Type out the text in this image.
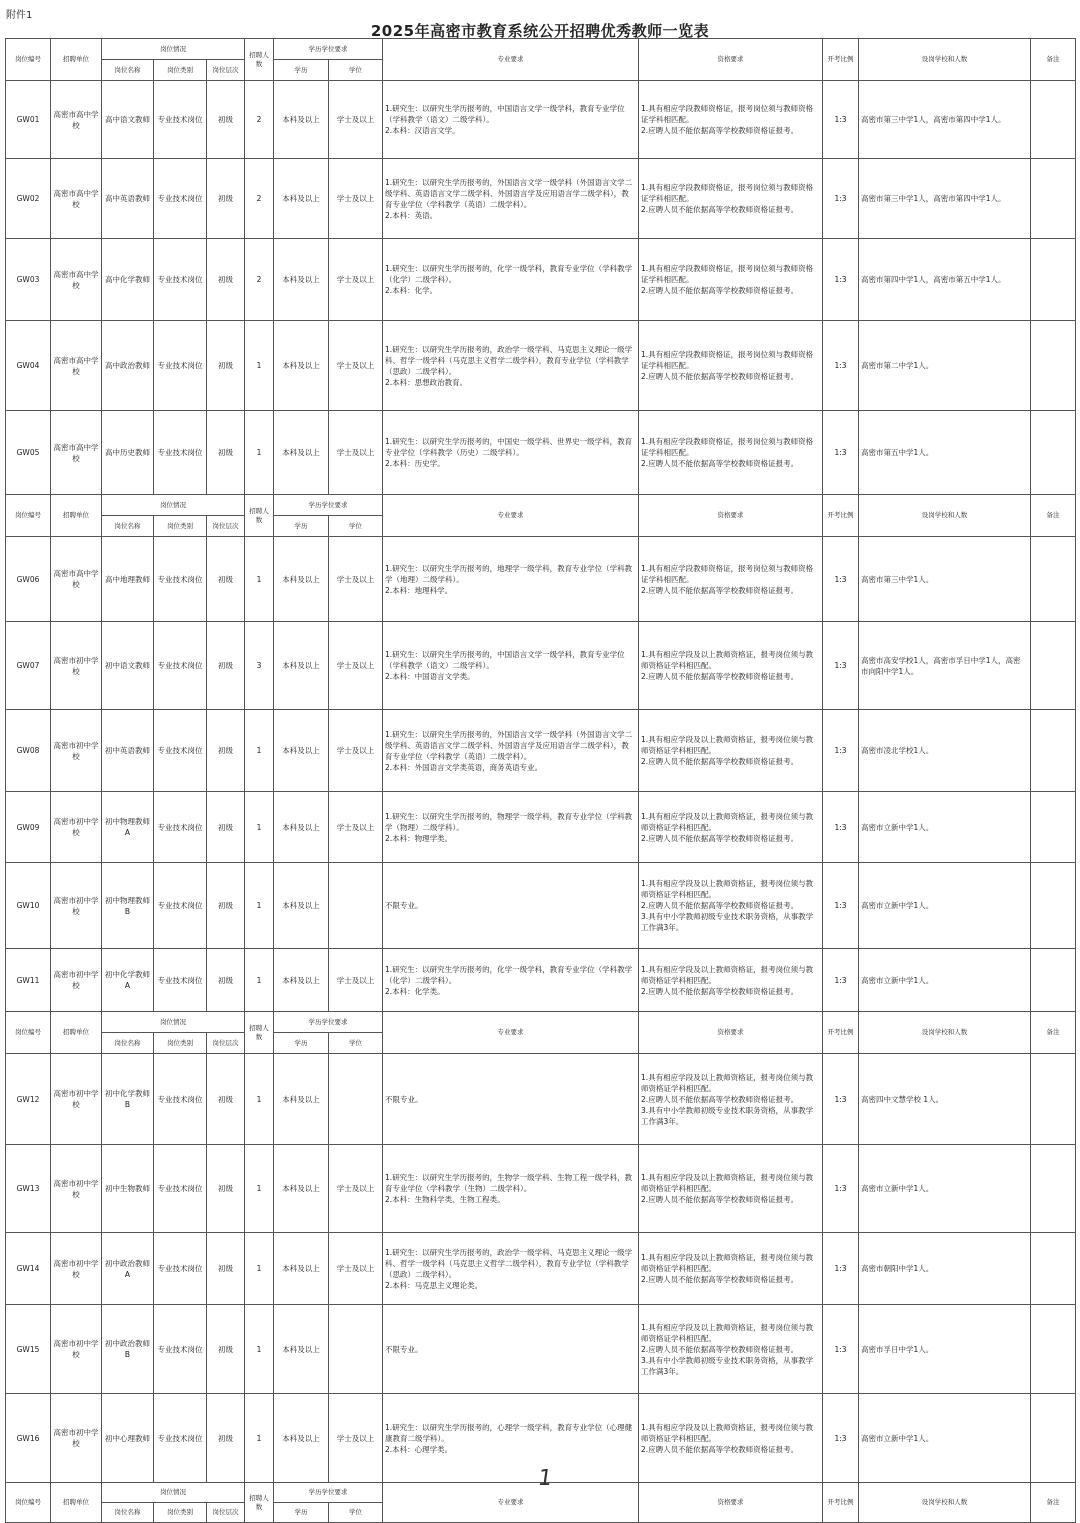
附件1
2025年高密市教育系统公开招聘优秀教师一览表
岗位编号	招聘单位	岗位情况			招聘人数	学历学位要求		专业要求	资格要求	开考比例	设岗学校和人数	备注
		岗位名称	岗位类别	岗位层次		学历	学位					
GW01	高密市高中学校	高中语文教师	专业技术岗位	初级	2	本科及以上	学士及以上	1.研究生：以研究生学历报考的，中国语言文学一级学科，教育专业学位（学科教学（语文）二级学科）。
2.本科：汉语言文学。	1.具有相应学段教师资格证，报考岗位须与教师资格证学科相匹配。
2.应聘人员不能依据高等学校教师资格证报考。	1:3	高密市第三中学1人，高密市第四中学1人。	
GW02	高密市高中学校	高中英语教师	专业技术岗位	初级	2	本科及以上	学士及以上	1.研究生：以研究生学历报考的，外国语言文学一级学科（外国语言文学二级学科、英语语言文学二级学科、外国语言学及应用语言学二级学科），教育专业学位（学科教学（英语）二级学科）。
2.本科：英语。	1.具有相应学段教师资格证，报考岗位须与教师资格证学科相匹配。
2.应聘人员不能依据高等学校教师资格证报考。	1:3	高密市第三中学1人，高密市第四中学1人。	
GW03	高密市高中学校	高中化学教师	专业技术岗位	初级	2	本科及以上	学士及以上	1.研究生：以研究生学历报考的，化学一级学科，教育专业学位（学科教学（化学）二级学科）。
2.本科：化学。	1.具有相应学段教师资格证，报考岗位须与教师资格证学科相匹配。
2.应聘人员不能依据高等学校教师资格证报考。	1:3	高密市第四中学1人，高密市第五中学1人。	
GW04	高密市高中学校	高中政治教师	专业技术岗位	初级	1	本科及以上	学士及以上	1.研究生：以研究生学历报考的，政治学一级学科、马克思主义理论一级学科、哲学一级学科（马克思主义哲学二级学科），教育专业学位（学科教学（思政）二级学科）。
2.本科：思想政治教育。	1.具有相应学段教师资格证，报考岗位须与教师资格证学科相匹配。
2.应聘人员不能依据高等学校教师资格证报考。	1:3	高密市第二中学1人。	
GW05	高密市高中学校	高中历史教师	专业技术岗位	初级	1	本科及以上	学士及以上	1.研究生：以研究生学历报考的，中国史一级学科、世界史一级学科，教育专业学位（学科教学（历史）二级学科）。
2.本科：历史学。	1.具有相应学段教师资格证，报考岗位须与教师资格证学科相匹配。
2.应聘人员不能依据高等学校教师资格证报考。	1:3	高密市第五中学1人。	
岗位编号	招聘单位	岗位情况			招聘人数	学历学位要求		专业要求	资格要求	开考比例	设岗学校和人数	备注
		岗位名称	岗位类别	岗位层次		学历	学位					
GW06	高密市高中学校	高中地理教师	专业技术岗位	初级	1	本科及以上	学士及以上	1.研究生：以研究生学历报考的，地理学一级学科，教育专业学位（学科教学（地理）二级学科）。
2.本科：地理科学。	1.具有相应学段教师资格证，报考岗位须与教师资格证学科相匹配。
2.应聘人员不能依据高等学校教师资格证报考。	1:3	高密市第三中学1人。	
GW07	高密市初中学校	初中语文教师	专业技术岗位	初级	3	本科及以上	学士及以上	1.研究生：以研究生学历报考的，中国语言文学一级学科，教育专业学位（学科教学（语文）二级学科）。
2.本科：中国语言文学类。	1.具有相应学段及以上教师资格证，报考岗位须与教师资格证学科相匹配。
2.应聘人员不能依据高等学校教师资格证报考。	1:3	高密市高安学校1人，高密市孚日中学1人，高密市向阳中学1人。	
GW08	高密市初中学校	初中英语教师	专业技术岗位	初级	1	本科及以上	学士及以上	1.研究生：以研究生学历报考的，外国语言文学一级学科（外国语言文学二级学科、英语语言文学二级学科、外国语言学及应用语言学二级学科），教育专业学位（学科教学（英语）二级学科）。
2.本科：外国语言文学类英语，商务英语专业。	1.具有相应学段及以上教师资格证，报考岗位须与教师资格证学科相匹配。
2.应聘人员不能依据高等学校教师资格证报考。	1:3	高密市凌北学校1人。	
GW09	高密市初中学校	初中物理教师A	专业技术岗位	初级	1	本科及以上	学士及以上	1.研究生：以研究生学历报考的，物理学一级学科，教育专业学位（学科教学（物理）二级学科）。
2.本科：物理学类。	1.具有相应学段及以上教师资格证，报考岗位须与教师资格证学科相匹配。
2.应聘人员不能依据高等学校教师资格证报考。	1:3	高密市立新中学1人。	
GW10	高密市初中学校	初中物理教师B	专业技术岗位	初级	1	本科及以上		不限专业。	1.具有相应学段及以上教师资格证，报考岗位须与教师资格证学科相匹配。
2.应聘人员不能依据高等学校教师资格证报考。
3.具有中小学教师初级专业技术职务资格，从事教学工作满3年。	1:3	高密市立新中学1人。	
GW11	高密市初中学校	初中化学教师A	专业技术岗位	初级	1	本科及以上	学士及以上	1.研究生：以研究生学历报考的，化学一级学科，教育专业学位（学科教学（化学）二级学科）。
2.本科：化学类。	1.具有相应学段及以上教师资格证，报考岗位须与教师资格证学科相匹配。
2.应聘人员不能依据高等学校教师资格证报考。	1:3	高密市立新中学1人。	
岗位编号	招聘单位	岗位情况			招聘人数	学历学位要求		专业要求	资格要求	开考比例	设岗学校和人数	备注
		岗位名称	岗位类别	岗位层次		学历	学位					
GW12	高密市初中学校	初中化学教师B	专业技术岗位	初级	1	本科及以上		不限专业。	1.具有相应学段及以上教师资格证，报考岗位须与教师资格证学科相匹配。
2.应聘人员不能依据高等学校教师资格证报考。
3.具有中小学教师初级专业技术职务资格，从事教学工作满3年。	1:3	高密四中文慧学校 1人。	
GW13	高密市初中学校	初中生物教师	专业技术岗位	初级	1	本科及以上	学士及以上	1.研究生：以研究生学历报考的，生物学一级学科、生物工程一级学科，教育专业学位（学科教学（生物）二级学科）。
2.本科：生物科学类、生物工程类。	1.具有相应学段及以上教师资格证，报考岗位须与教师资格证学科相匹配。
2.应聘人员不能依据高等学校教师资格证报考。	1:3	高密市立新中学1人。	
GW14	高密市初中学校	初中政治教师A	专业技术岗位	初级	1	本科及以上	学士及以上	1.研究生：以研究生学历报考的，政治学一级学科、马克思主义理论一级学科、哲学一级学科（马克思主义哲学二级学科），教育专业学位（学科教学（思政）二级学科）。
2.本科：马克思主义理论类。	1.具有相应学段及以上教师资格证，报考岗位须与教师资格证学科相匹配。
2.应聘人员不能依据高等学校教师资格证报考。	1:3	高密市朝阳中学1人。	
GW15	高密市初中学校	初中政治教师B	专业技术岗位	初级	1	本科及以上		不限专业。	1.具有相应学段及以上教师资格证，报考岗位须与教师资格证学科相匹配。
2.应聘人员不能依据高等学校教师资格证报考。
3.具有中小学教师初级专业技术职务资格，从事教学工作满3年。	1:3	高密市孚日中学1人。	
GW16	高密市初中学校	初中心理教师	专业技术岗位	初级	1	本科及以上	学士及以上	1.研究生：以研究生学历报考的，心理学一级学科，教育专业学位（心理健康教育二级学科）。
2.本科：心理学类。	1.具有相应学段及以上教师资格证，报考岗位须与教师资格证学科相匹配。
2.应聘人员不能依据高等学校教师资格证报考。	1:3	高密市立新中学1人。	
岗位编号	招聘单位	岗位情况			招聘人数	学历学位要求		专业要求	资格要求	开考比例	设岗学校和人数	备注
		岗位名称	岗位类别	岗位层次		学历	学位					
1
